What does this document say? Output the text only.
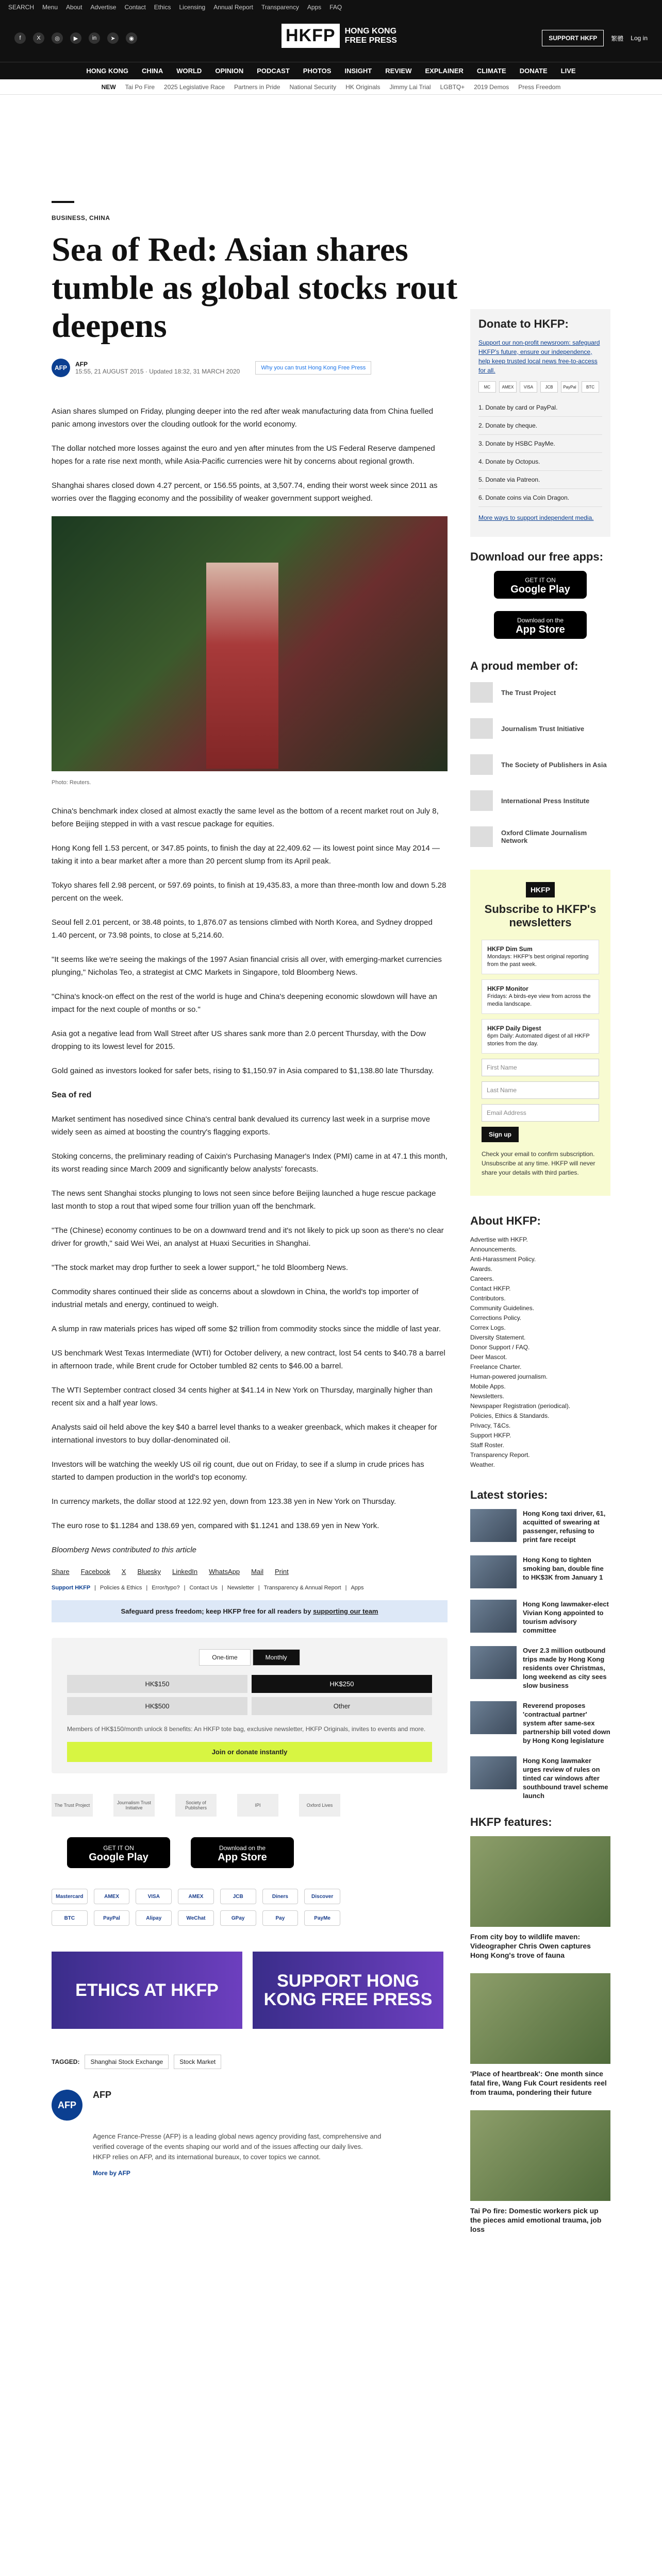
SEARCH Menu About Advertise Contact Ethics Licensing Annual Report Transparency Apps FAQ
f	X	◎	▶	in	➤	◉	HKFP	HONG KONG FREE PRESS	SUPPORT HKFP	繁體 Log in
HONG KONG CHINA WORLD OPINION PODCAST PHOTOS INSIGHT REVIEW EXPLAINER CLIMATE DONATE LIVE
NEW Tai Po Fire 2025 Legislative Race Partners in Pride National Security HK Originals Jimmy Lai Trial LGBTQ+ 2019 Demos Press Freedom
BUSINESS, CHINA
Sea of Red: Asian shares tumble as global stocks rout deepens
AFP	AFP
15:55, 21 AUGUST 2015 · Updated 18:32, 31 MARCH 2020	Why you can trust Hong Kong Free Press

Asian shares slumped on Friday, plunging deeper into the red after weak manufacturing data from China fuelled panic among investors over the clouding outlook for the world economy.

The dollar notched more losses against the euro and yen after minutes from the US Federal Reserve dampened hopes for a rate rise next month, while Asia-Pacific currencies were hit by concerns about regional growth.

Shanghai shares closed down 4.27 percent, or 156.55 points, at 3,507.74, ending their worst week since 2011 as worries over the flagging economy and the possibility of weaker government support weighed.

Photo: Reuters.

China's benchmark index closed at almost exactly the same level as the bottom of a recent market rout on July 8, before Beijing stepped in with a vast rescue package for equities.

Hong Kong fell 1.53 percent, or 347.85 points, to finish the day at 22,409.62 — its lowest point since May 2014 — taking it into a bear market after a more than 20 percent slump from its April peak.

Tokyo shares fell 2.98 percent, or 597.69 points, to finish at 19,435.83, a more than three-month low and down 5.28 percent on the week.

Seoul fell 2.01 percent, or 38.48 points, to 1,876.07 as tensions climbed with North Korea, and Sydney dropped 1.40 percent, or 73.98 points, to close at 5,214.60.

"It seems like we're seeing the makings of the 1997 Asian financial crisis all over, with emerging-market currencies plunging," Nicholas Teo, a strategist at CMC Markets in Singapore, told Bloomberg News.

"China's knock-on effect on the rest of the world is huge and China's deepening economic slowdown will have an impact for the next couple of months or so."

Asia got a negative lead from Wall Street after US shares sank more than 2.0 percent Thursday, with the Dow dropping to its lowest level for 2015.

Gold gained as investors looked for safer bets, rising to $1,150.97 in Asia compared to $1,138.80 late Thursday.

Sea of red

Market sentiment has nosedived since China's central bank devalued its currency last week in a surprise move widely seen as aimed at boosting the country's flagging exports.

Stoking concerns, the preliminary reading of Caixin's Purchasing Manager's Index (PMI) came in at 47.1 this month, its worst reading since March 2009 and significantly below analysts' forecasts.

The news sent Shanghai stocks plunging to lows not seen since before Beijing launched a huge rescue package last month to stop a rout that wiped some four trillion yuan off the benchmark.

"The (Chinese) economy continues to be on a downward trend and it's not likely to pick up soon as there's no clear driver for growth," said Wei Wei, an analyst at Huaxi Securities in Shanghai.

"The stock market may drop further to seek a lower support," he told Bloomberg News.

Commodity shares continued their slide as concerns about a slowdown in China, the world's top importer of industrial metals and energy, continued to weigh.

A slump in raw materials prices has wiped off some $2 trillion from commodity stocks since the middle of last year.

US benchmark West Texas Intermediate (WTI) for October delivery, a new contract, lost 54 cents to $40.78 a barrel in afternoon trade, while Brent crude for October tumbled 82 cents to $46.00 a barrel.

The WTI September contract closed 34 cents higher at $41.14 in New York on Thursday, marginally higher than recent six and a half year lows.

Analysts said oil held above the key $40 a barrel level thanks to a weaker greenback, which makes it cheaper for international investors to buy dollar-denominated oil.

Investors will be watching the weekly US oil rig count, due out on Friday, to see if a slump in crude prices has started to dampen production in the world's top economy.

In currency markets, the dollar stood at 122.92 yen, down from 123.38 yen in New York on Thursday.

The euro rose to $1.1284 and 138.69 yen, compared with $1.1241 and 138.69 yen in New York.

Bloomberg News contributed to this article

Share Facebook X Bluesky LinkedIn WhatsApp Mail Print
Support HKFP | Policies & Ethics | Error/typo? | Contact Us | Newsletter | Transparency & Annual Report | Apps
Safeguard press freedom; keep HKFP free for all readers by supporting our team
One-time	Monthly
HK$150	HK$250
HK$500	Other
Members of HK$150/month unlock 8 benefits: An HKFP tote bag, exclusive newsletter, HKFP Originals, invites to events and more.
Join or donate instantly
The Trust Project	Journalism Trust Initiative
Society of Publishers	IPI	Oxford Lives
GET IT ON
Google Play
Download on the
App Store
Mastercard	AMEX	VISA	AMEX	JCB	Diners	Discover
BTC	PayPal	Alipay	WeChat	GPay	Pay	PayMe
ETHICS AT HKFP	SUPPORT HONG KONG FREE PRESS
TAGGED:	Shanghai Stock Exchange	Stock Market
AFP
AFP

Agence France-Presse (AFP) is a leading global news agency providing fast, comprehensive and verified coverage of the events shaping our world and of the issues affecting our daily lives. HKFP relies on AFP, and its international bureaux, to cover topics we cannot.

More by AFP
Donate to HKFP:
Support our non-profit newsroom: safeguard HKFP's future, ensure our independence, help keep trusted local news free-to-access for all.
MC	AMEX	VISA	JCB	PayPal	BTC
1. Donate by card or PayPal.
2. Donate by cheque.
3. Donate by HSBC PayMe.
4. Donate by Octopus.
5. Donate via Patreon.
6. Donate coins via Coin Dragon.
More ways to support independent media.
Download our free apps:
GET IT ON
Google Play
Download on the
App Store
A proud member of:
The Trust Project
Journalism Trust Initiative
The Society of Publishers in Asia
International Press Institute
Oxford Climate Journalism Network
HKFP
Subscribe to HKFP's newsletters
HKFP Dim Sum
Mondays: HKFP's best original reporting from the past week.
HKFP Monitor
Fridays: A birds-eye view from across the media landscape.
HKFP Daily Digest
6pm Daily: Automated digest of all HKFP stories from the day.
First Name
Last Name
Email Address
Sign up
Check your email to confirm subscription. Unsubscribe at any time. HKFP will never share your details with third parties.
About HKFP:
Advertise with HKFP.
Announcements.
Anti-Harassment Policy.
Awards.
Careers.
Contact HKFP.
Contributors.
Community Guidelines.
Corrections Policy.
Correx Logs.
Diversity Statement.
Donor Support / FAQ.
Deer Mascot.
Freelance Charter.
Human-powered journalism.
Mobile Apps.
Newsletters.
Newspaper Registration (periodical).
Policies, Ethics & Standards.
Privacy, T&Cs.
Support HKFP.
Staff Roster.
Transparency Report.
Weather.
Latest stories:
Hong Kong taxi driver, 61, acquitted of swearing at passenger, refusing to print fare receipt
Hong Kong to tighten smoking ban, double fine to HK$3K from January 1
Hong Kong lawmaker-elect Vivian Kong appointed to tourism advisory committee
Over 2.3 million outbound trips made by Hong Kong residents over Christmas, long weekend as city sees slow business
Reverend proposes 'contractual partner' system after same-sex partnership bill voted down by Hong Kong legislature
Hong Kong lawmaker urges review of rules on tinted car windows after southbound travel scheme launch
HKFP features:
From city boy to wildlife maven: Videographer Chris Owen captures Hong Kong's trove of fauna
'Place of heartbreak': One month since fatal fire, Wang Fuk Court residents reel from trauma, pondering their future
Tai Po fire: Domestic workers pick up the pieces amid emotional trauma, job loss
